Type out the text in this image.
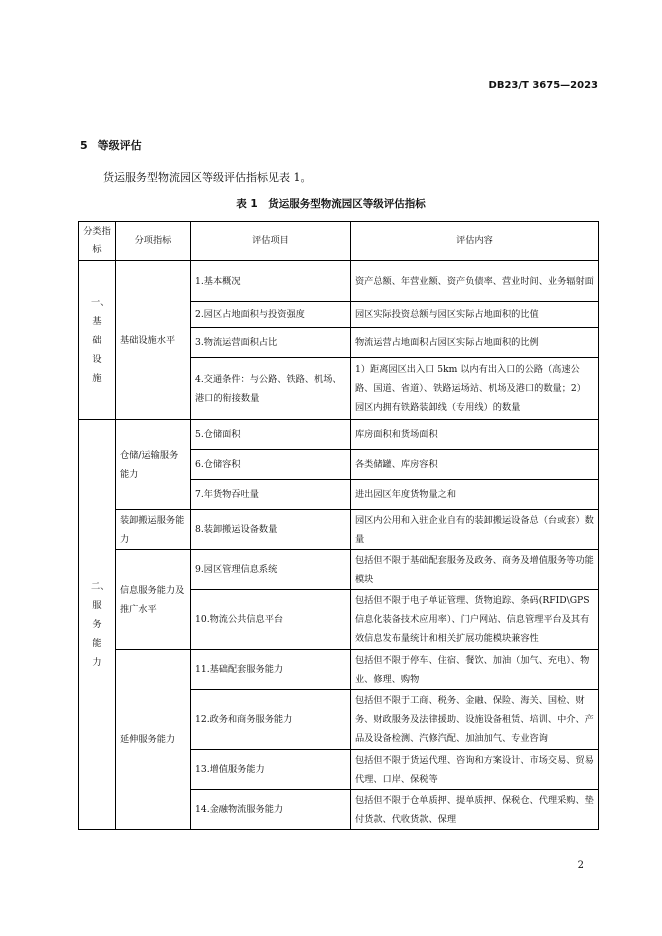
DB23/T 3675—2023
5 等级评估
货运服务型物流园区等级评估指标见表 1。
表 1　货运服务型物流园区等级评估指标
分类指标	分项指标	评估项目	评估内容
一、基础设施	基础设施水平	1.基本概况	资产总额、年营业额、资产负债率、营业时间、业务辐射面
		2.园区占地面积与投资强度	园区实际投资总额与园区实际占地面积的比值
		3.物流运营面积占比	物流运营占地面积占园区实际占地面积的比例
		4.交通条件：与公路、铁路、机场、港口的衔接数量	1）距离园区出入口 5km 以内有出入口的公路（高速公路、国道、省道）、铁路运场站、机场及港口的数量；2）园区内拥有铁路装卸线（专用线）的数量
二、服务能力	仓储/运输服务能力	5.仓储面积	库房面积和货场面积
		6.仓储容积	各类储罐、库房容积
		7.年货物吞吐量	进出园区年度货物量之和
	装卸搬运服务能力	8.装卸搬运设备数量	园区内公用和入驻企业自有的装卸搬运设备总（台或套）数量
	信息服务能力及推广水平	9.园区管理信息系统	包括但不限于基础配套服务及政务、商务及增值服务等功能模块
		10.物流公共信息平台	包括但不限于电子单证管理、货物追踪、条码(RFID\GPS 信息化装备技术应用率）、门户网站、信息管理平台及其有效信息发布量统计和相关扩展功能模块兼容性
	延伸服务能力	11.基础配套服务能力	包括但不限于停车、住宿、餐饮、加油（加气、充电）、物业、修理、购物
		12.政务和商务服务能力	包括但不限于工商、税务、金融、保险、海关、国检、财务、财政服务及法律援助、设施设备租赁、培训、中介、产品及设备检测、汽修汽配、加油加气、专业咨询
		13.增值服务能力	包括但不限于货运代理、咨询和方案设计、市场交易、贸易代理、口岸、保税等
		14.金融物流服务能力	包括但不限于仓单质押、提单质押、保税仓、代理采购、垫付货款、代收货款、保理
2
